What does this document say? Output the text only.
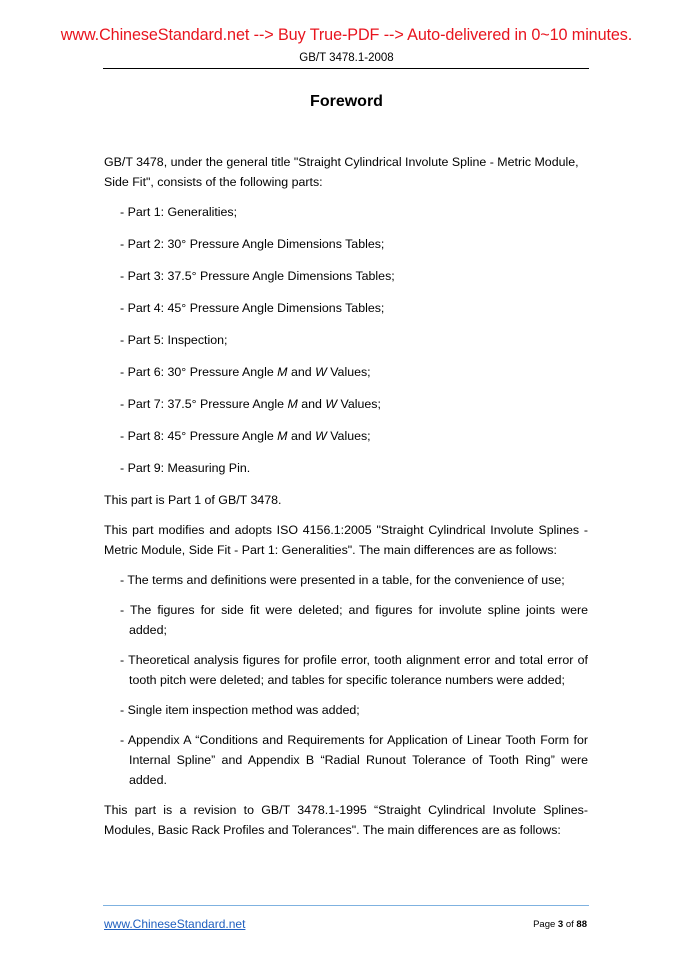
www.ChineseStandard.net --> Buy True-PDF --> Auto-delivered in 0~10 minutes.
GB/T 3478.1-2008
Foreword

GB/T 3478, under the general title "Straight Cylindrical Involute Spline - Metric Module, Side Fit", consists of the following parts:

- Part 1: Generalities;
- Part 2: 30° Pressure Angle Dimensions Tables;
- Part 3: 37.5° Pressure Angle Dimensions Tables;
- Part 4: 45° Pressure Angle Dimensions Tables;
- Part 5: Inspection;
- Part 6: 30° Pressure Angle M and W Values;
- Part 7: 37.5° Pressure Angle M and W Values;
- Part 8: 45° Pressure Angle M and W Values;
- Part 9: Measuring Pin.

This part is Part 1 of GB/T 3478.

This part modifies and adopts ISO 4156.1:2005 "Straight Cylindrical Involute Splines - Metric Module, Side Fit - Part 1: Generalities". The main differences are as follows:

- The terms and definitions were presented in a table, for the convenience of use;
- The figures for side fit were deleted; and figures for involute spline joints were added;
- Theoretical analysis figures for profile error, tooth alignment error and total error of tooth pitch were deleted; and tables for specific tolerance numbers were added;
- Single item inspection method was added;
- Appendix A “Conditions and Requirements for Application of Linear Tooth Form for Internal Spline” and Appendix B “Radial Runout Tolerance of Tooth Ring” were added.

This part is a revision to GB/T 3478.1-1995 “Straight Cylindrical Involute Splines-Modules, Basic Rack Profiles and Tolerances". The main differences are as follows:

www.ChineseStandard.net	Page 3 of 88
